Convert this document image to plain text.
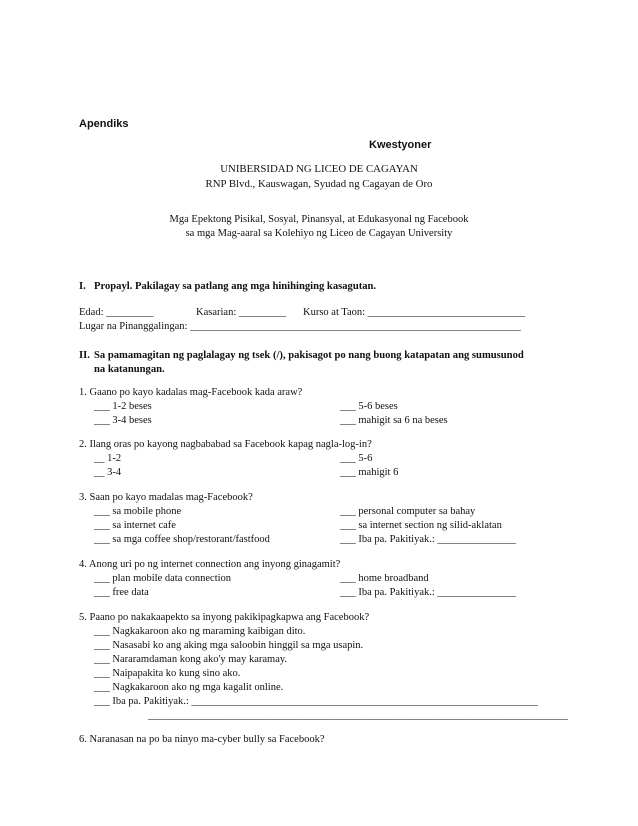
Apendiks
Kwestyoner
UNIBERSIDAD NG LICEO DE CAGAYAN
RNP Blvd., Kauswagan, Syudad ng Cagayan de Oro
Mga Epektong Pisikal, Sosyal, Pinansyal, at Edukasyonal ng Facebook
sa mga Mag-aaral sa Kolehiyo ng Liceo de Cagayan University
I. Propayl. Pakilagay sa patlang ang mga hinihinging kasagutan.
Edad: _________	Kasarian: _________ Kurso at Taon: ______________________________
Lugar na Pinanggalingan: _______________________________________________________________
II. Sa pamamagitan ng paglalagay ng tsek (/), pakisagot po nang buong katapatan ang sumusunod
na katanungan.
1. Gaano po kayo kadalas mag-Facebook kada araw?
___ 1-2 beses
___ 3-4 beses
___ 5-6 beses
___ mahigit sa 6 na beses
2. Ilang oras po kayong nagbababad sa Facebook kapag nagla-log-in?
__ 1-2
__ 3-4
___ 5-6
___ mahigit 6
3. Saan po kayo madalas mag-Facebook?
___ sa mobile phone
___ sa internet cafe
___ sa mga coffee shop/restorant/fastfood
___ personal computer sa bahay
___ sa internet section ng silid-aklatan
___ Iba pa. Pakitiyak.: _______________
4. Anong uri po ng internet connection ang inyong ginagamit?
___ plan mobile data connection
___ free data
___ home broadband
___ Iba pa. Pakitiyak.: _______________
5. Paano po nakakaapekto sa inyong pakikipagkapwa ang Facebook?
___ Nagkakaroon ako ng maraming kaibigan dito.
___ Nasasabi ko ang aking mga saloobin hinggil sa mga usapin.
___ Nararamdaman kong ako'y may karamay.
___ Naipapakita ko kung sino ako.
___ Nagkakaroon ako ng mga kagalit online.
___ Iba pa. Pakitiyak.: __________________________________________________________________
________________________________________________________________________________
6. Naranasan na po ba ninyo ma-cyber bully sa Facebook?
